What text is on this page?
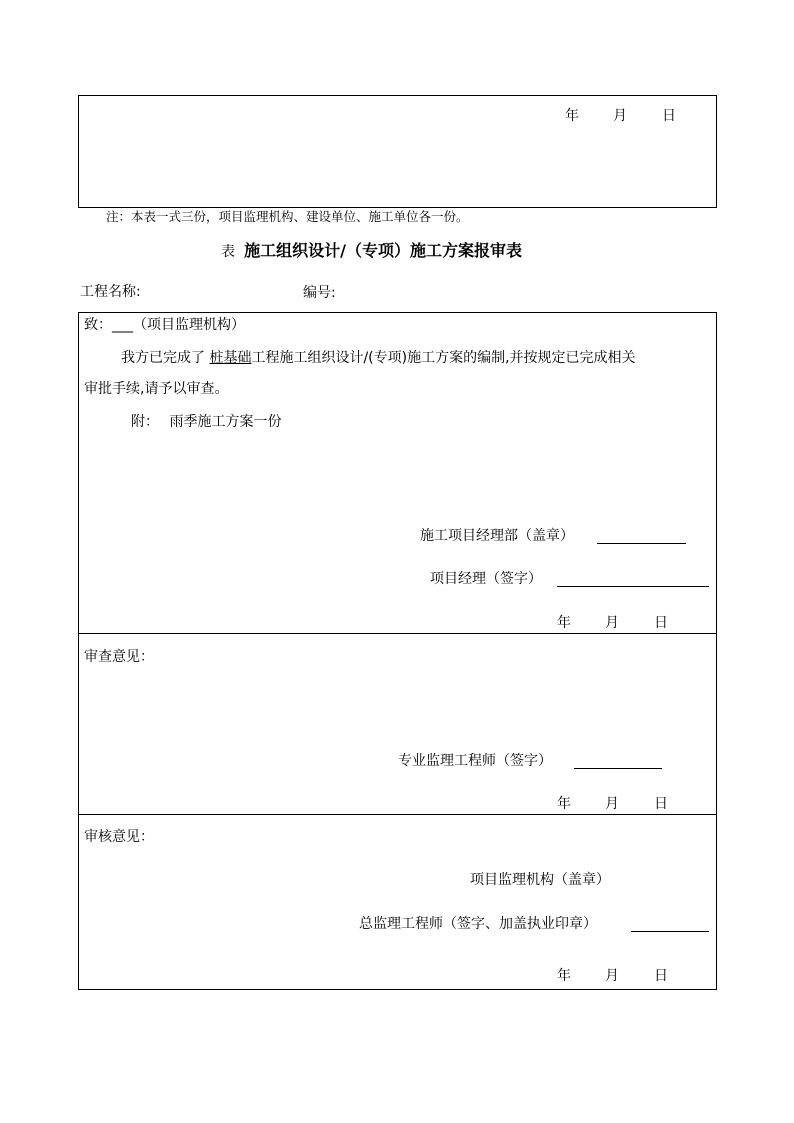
年 月	日
注：本表一式三份，项目监理机构、建设单位、施工单位各一份。
表 施工组织设计/（专项）施工方案报审表
工程名称:	编号:
致：___（项目监理机构）
我方已完成了 桩基础工程施工组织设计/(专项)施工方案的编制,并按规定已完成相关
审批手续,请予以审查。
附： 雨季施工方案一份
施工项目经理部（盖章）
项目经理（签字）
年 月	日
审查意见：
专业监理工程师（签字）
年 月	日
审核意见：
项目监理机构（盖章）
总监理工程师（签字、加盖执业印章）
年 月	日
